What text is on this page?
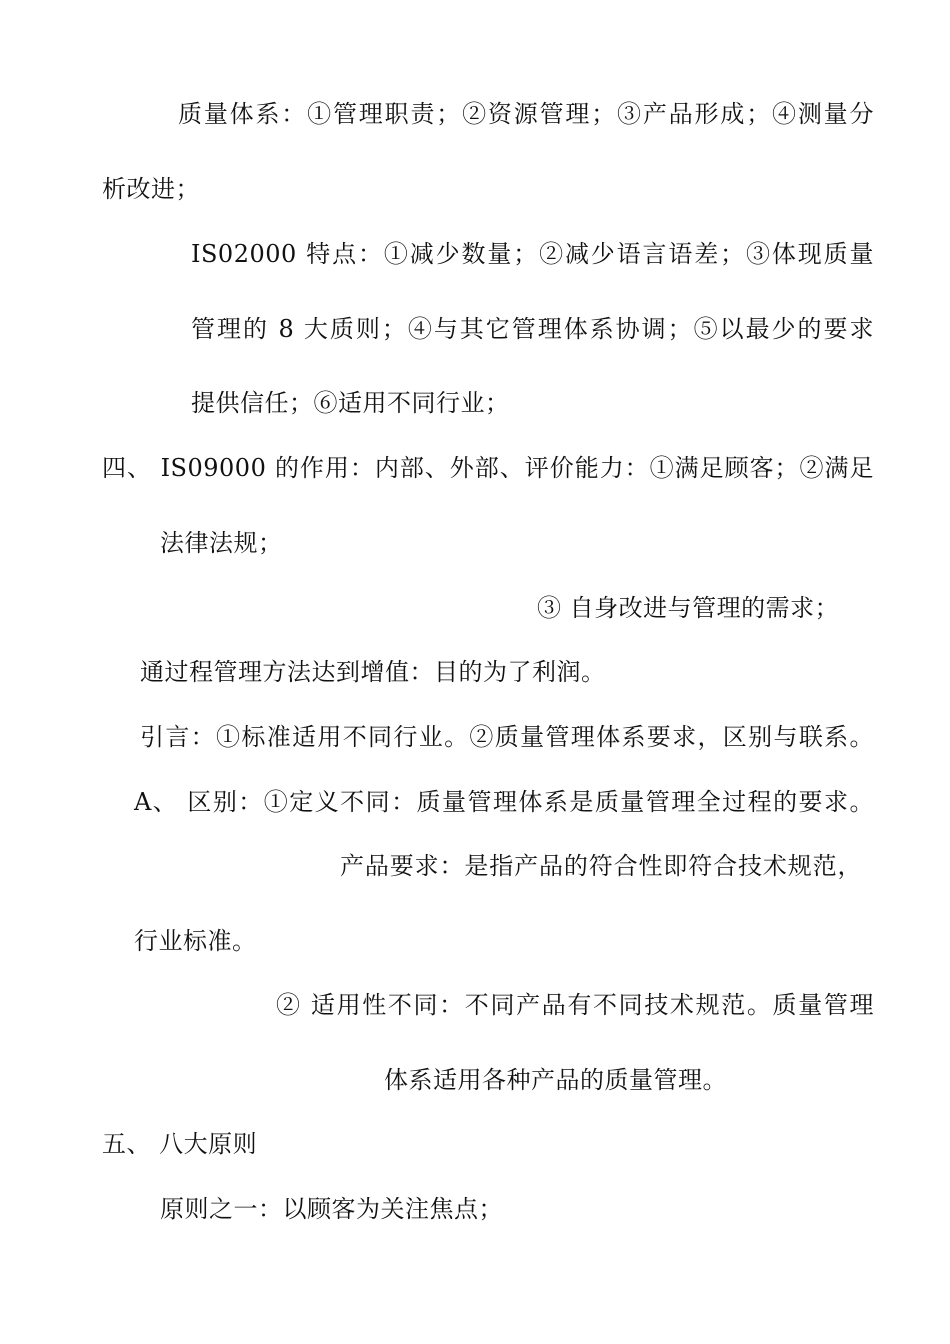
质量体系：①管理职责；②资源管理；③产品形成；④测量分
析改进；
IS02000 特点：①减少数量；②减少语言语差；③体现质量
管理的 8 大质则；④与其它管理体系协调；⑤以最少的要求
提供信任；⑥适用不同行业；
四、 IS09000 的作用：内部、外部、评价能力：①满足顾客；②满足
法律法规；
③ 自身改进与管理的需求；
通过程管理方法达到增值：目的为了利润。
引言：①标准适用不同行业。②质量管理体系要求，区别与联系。
A、 区别：①定义不同：质量管理体系是质量管理全过程的要求。
产品要求：是指产品的符合性即符合技术规范，
行业标准。
② 适用性不同：不同产品有不同技术规范。质量管理
体系适用各种产品的质量管理。
五、 八大原则
原则之一：以顾客为关注焦点；
